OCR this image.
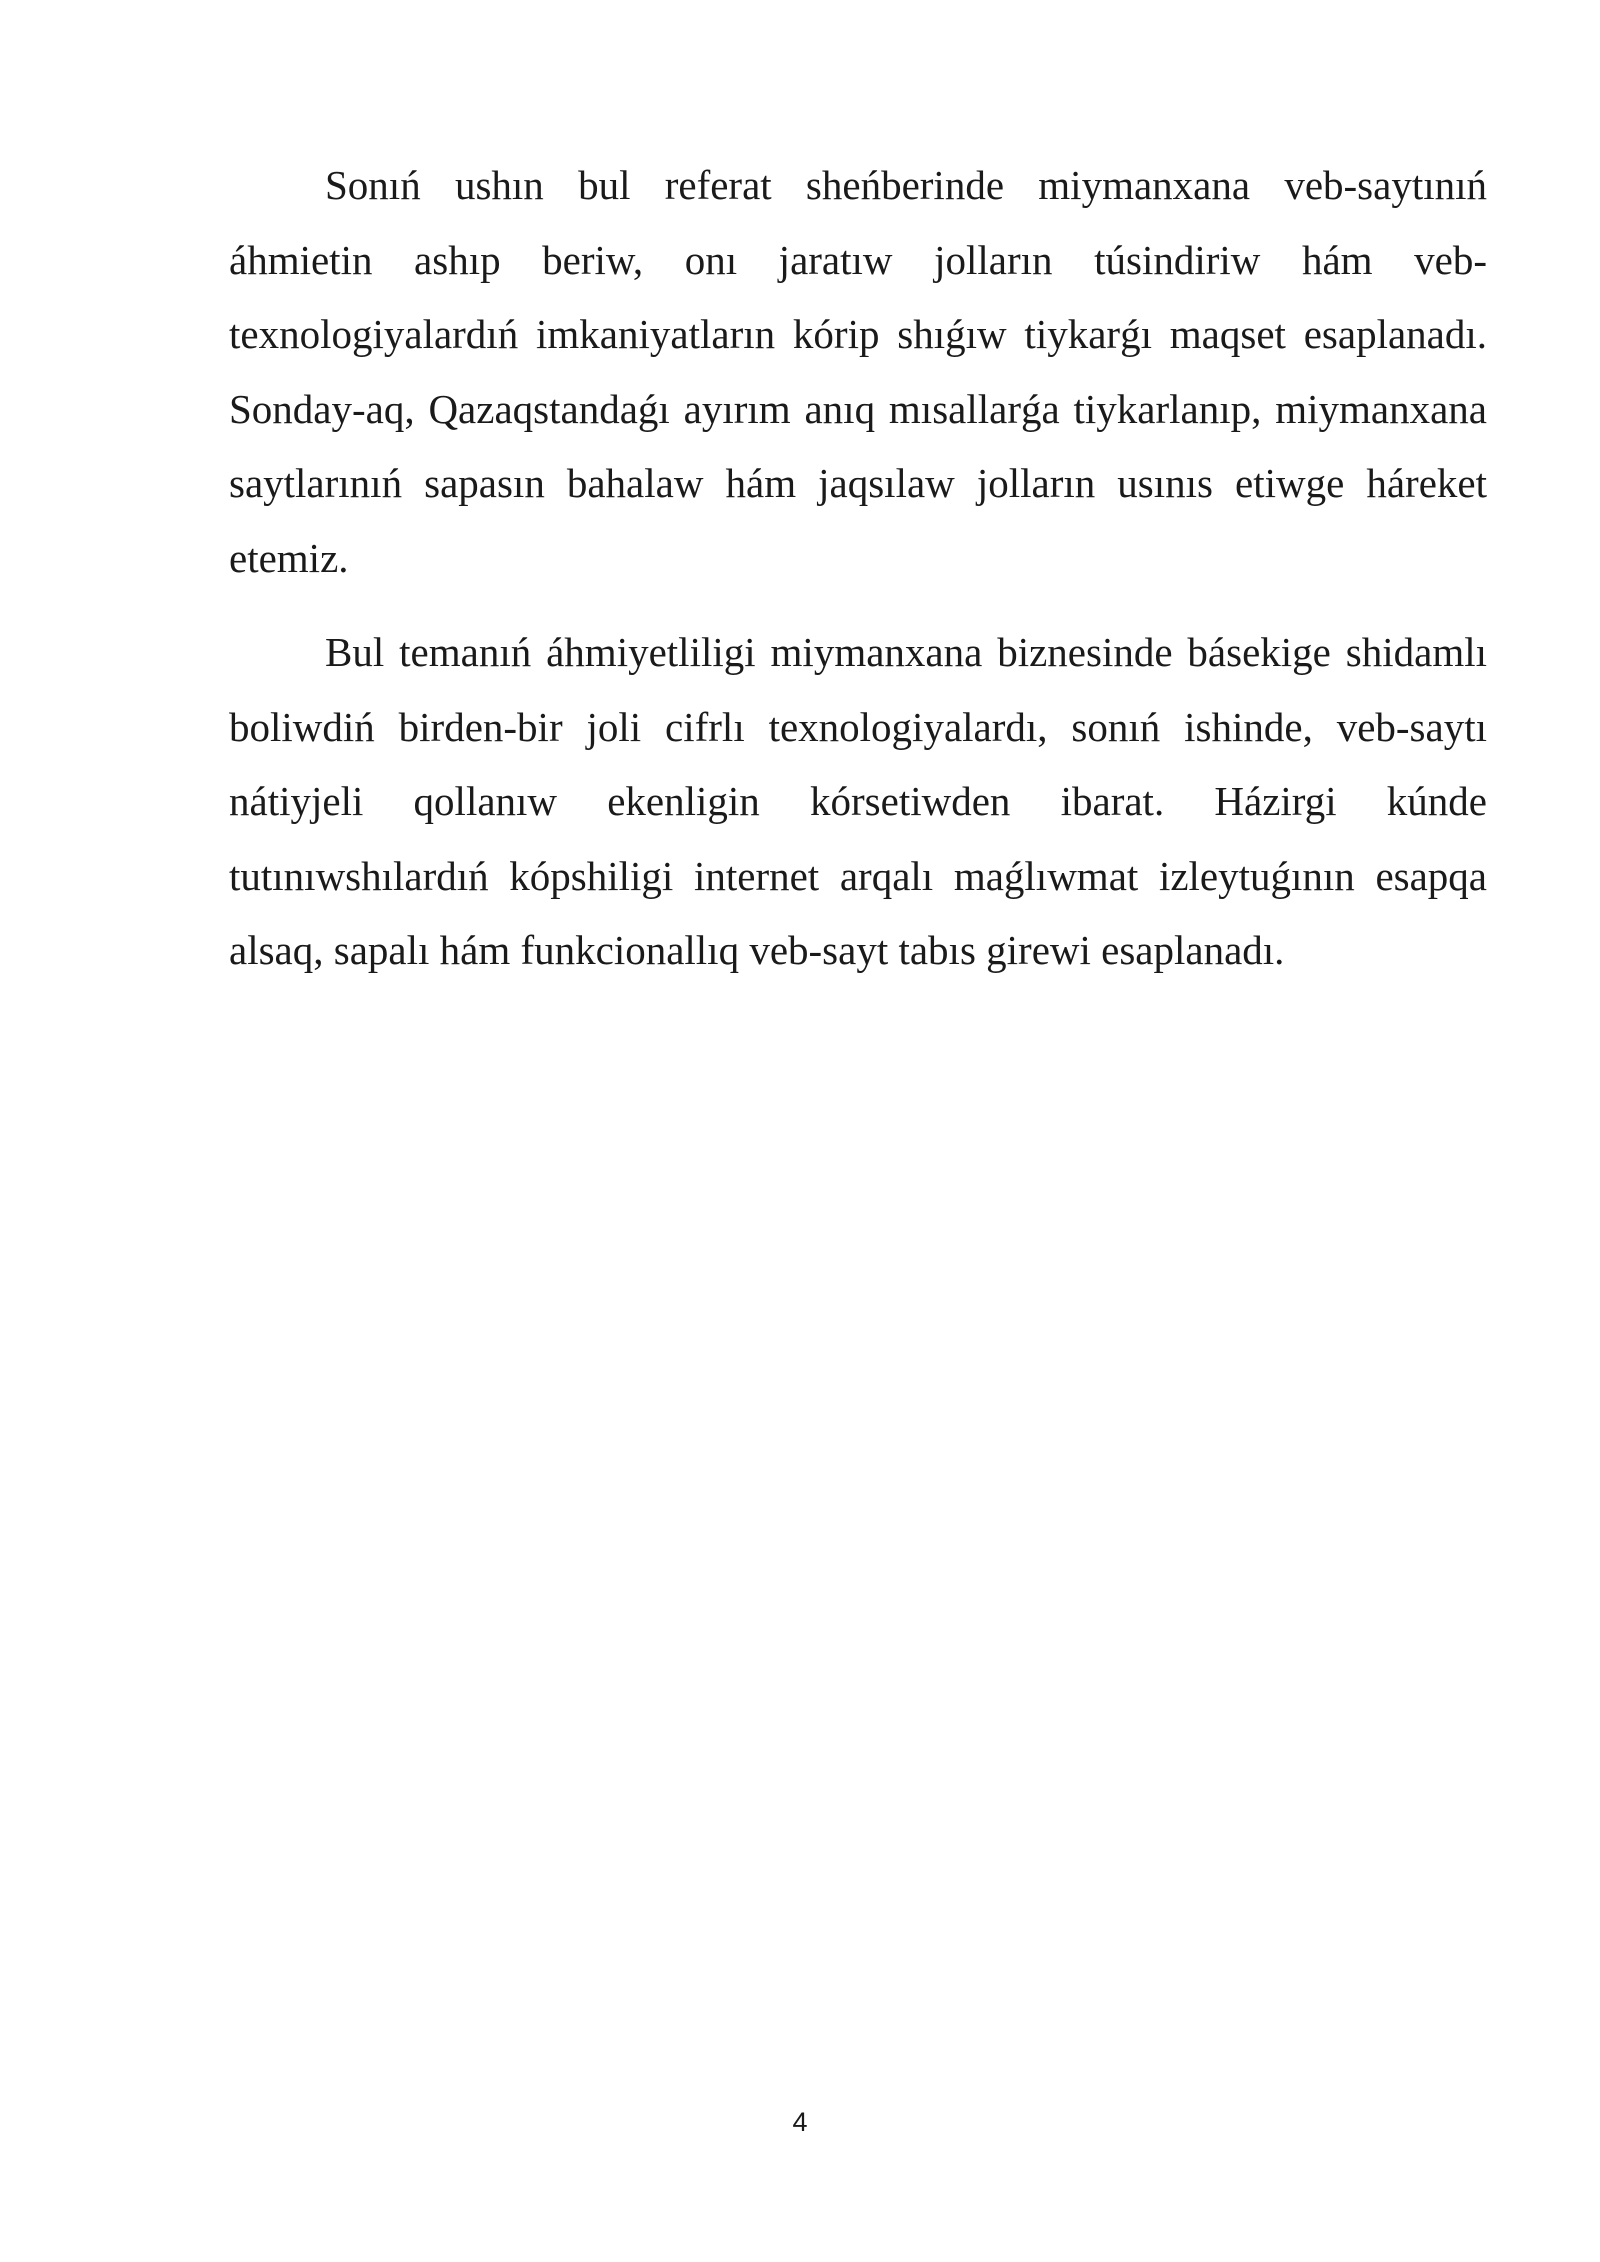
Sonıń ushın bul referat sheńberinde miymanxana veb-saytınıń áhmietin ashıp beriw, onı jaratıw jolların túsindiriw hám veb-texnologiyalardıń imkaniyatların kórip shıǵıw tiykarǵı maqset esaplanadı. Sonday-aq, Qazaqstandaǵı ayırım anıq mısallarǵa tiykarlanıp, miymanxana saytlarınıń sapasın bahalaw hám jaqsılaw jolların usınıs etiwge háreket etemiz.

Bul temanıń áhmiyetliligi miymanxana biznesinde básekige shidamlı boliwdiń birden-bir joli cifrlı texnologiyalardı, sonıń ishinde, veb-saytı nátiyjeli qollanıw ekenligin kórsetiwden ibarat. Házirgi kúnde tutınıwshılardıń kópshiligi internet arqalı maǵlıwmat izleytuǵının esapqa alsaq, sapalı hám funkcionallıq veb-sayt tabıs girewi esaplanadı.

4
